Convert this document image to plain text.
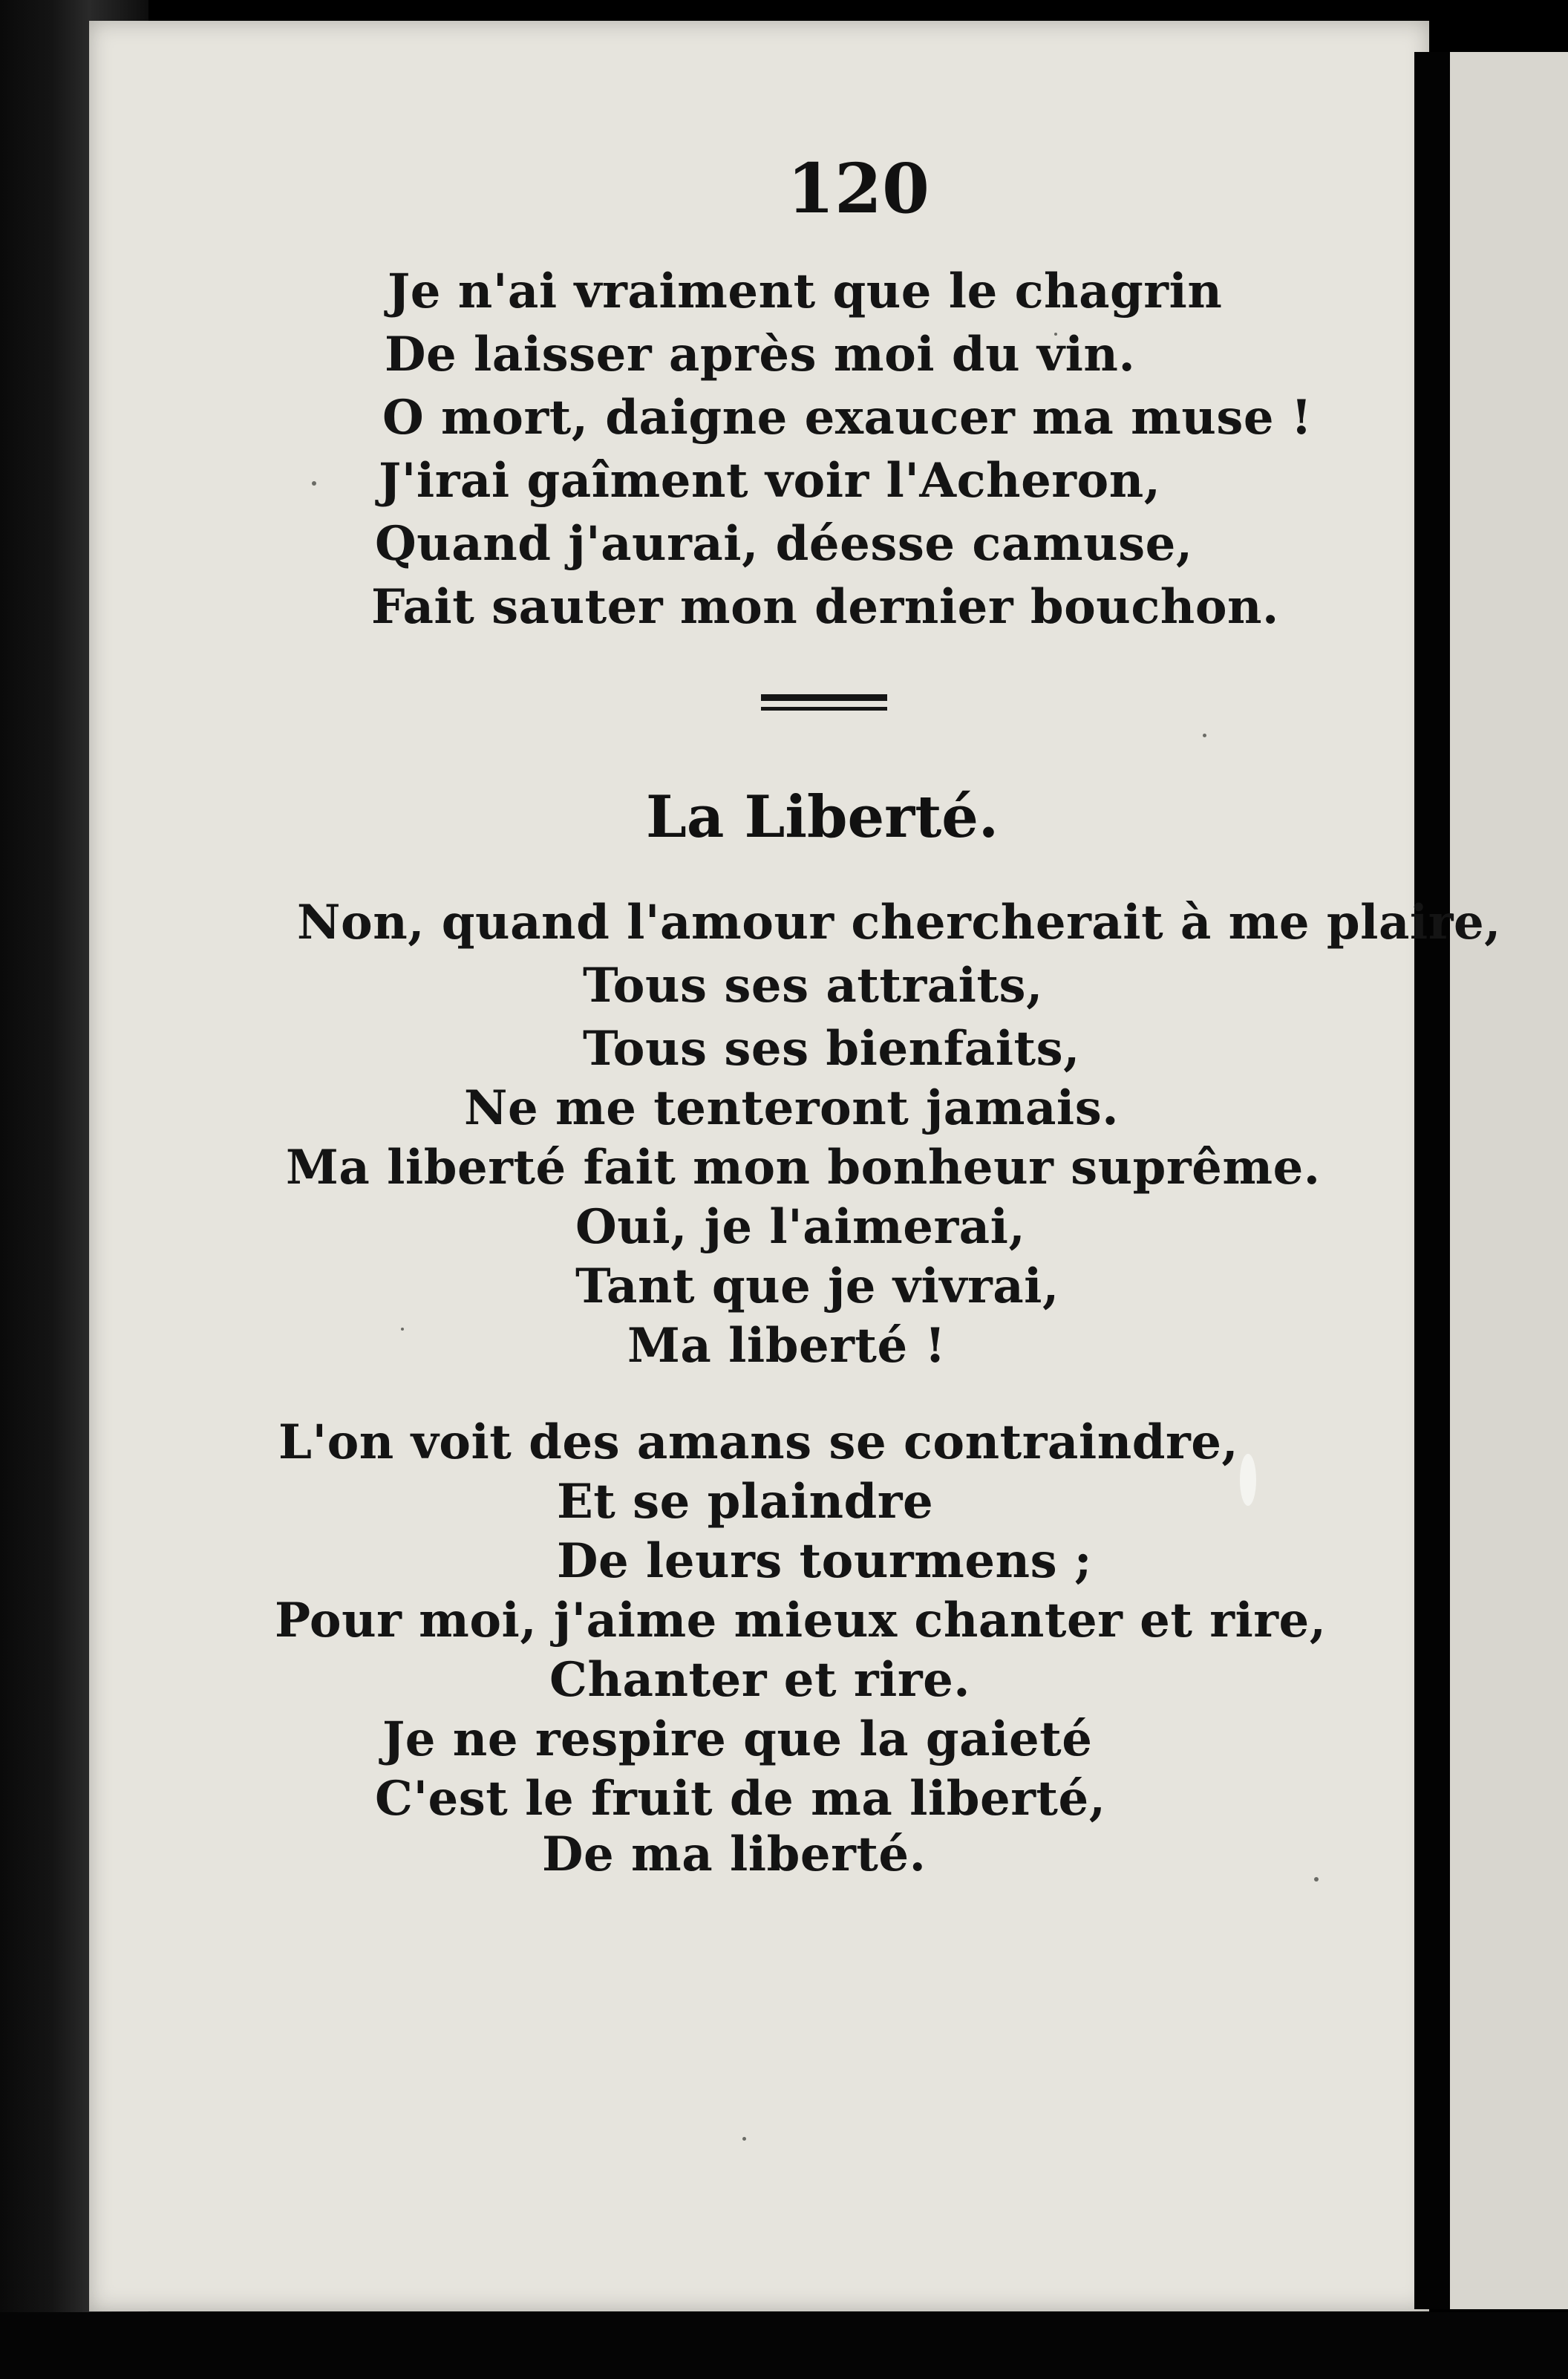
120
Je n'ai vraiment que le chagrin
De laisser après moi du vin.
O mort, daigne exaucer ma muse !
J'irai gaîment voir l'Acheron,
Quand j'aurai, déesse camuse,
Fait sauter mon dernier bouchon.
La Liberté.
Non, quand l'amour chercherait à me plaire,
Tous ses attraits,
Tous ses bienfaits,
Ne me tenteront jamais.
Ma liberté fait mon bonheur suprême.
Oui, je l'aimerai,
Tant que je vivrai,
Ma liberté !
L'on voit des amans se contraindre,
Et se plaindre
De leurs tourmens ;
Pour moi, j'aime mieux chanter et rire,
Chanter et rire.
Je ne respire que la gaieté
C'est le fruit de ma liberté,
De ma liberté.
